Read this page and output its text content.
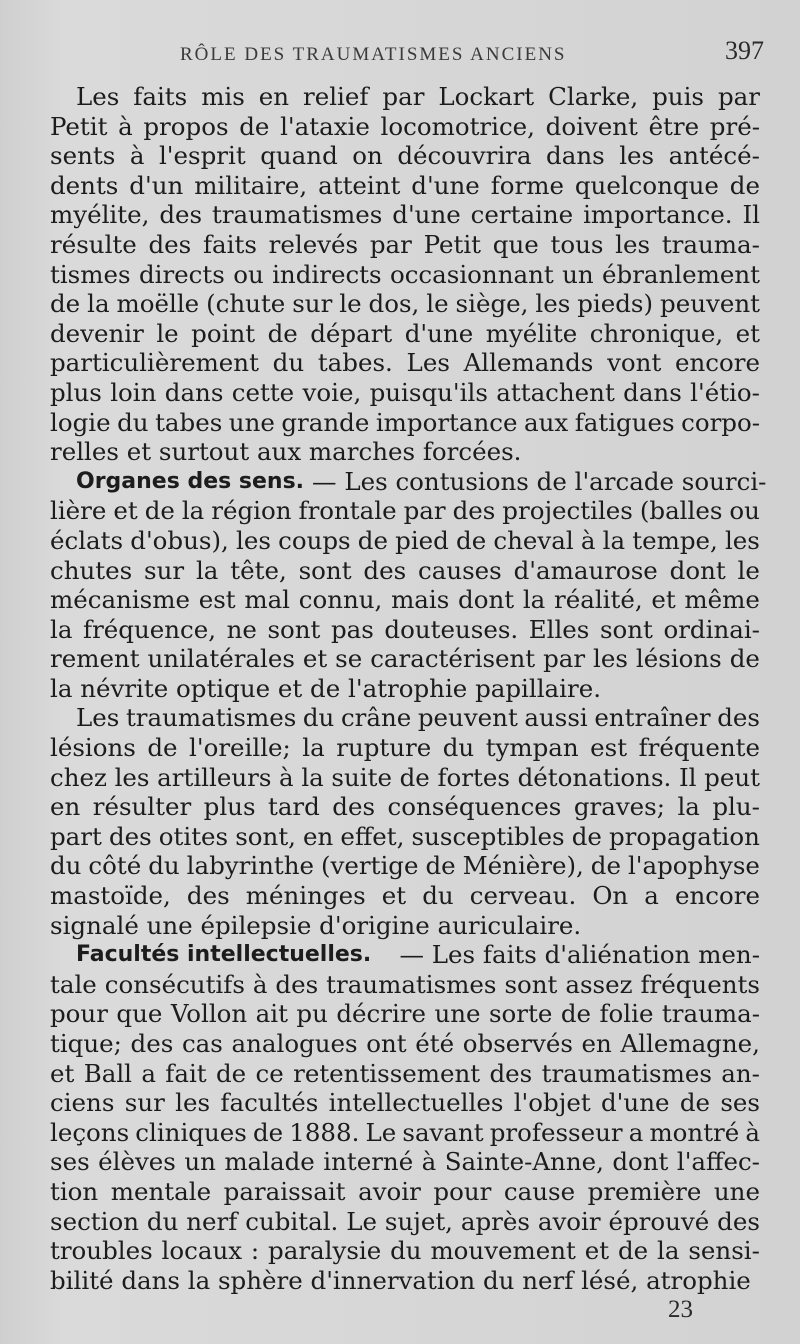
RÔLE DES TRAUMATISMES ANCIENS	397
Les faits mis en relief par Lockart Clarke, puis par
Petit à propos de l'ataxie locomotrice, doivent être pré-
sents à l'esprit quand on découvrira dans les antécé-
dents d'un militaire, atteint d'une forme quelconque de
myélite, des traumatismes d'une certaine importance. Il
résulte des faits relevés par Petit que tous les trauma-
tismes directs ou indirects occasionnant un ébranlement
de la moëlle (chute sur le dos, le siège, les pieds) peuvent
devenir le point de départ d'une myélite chronique, et
particulièrement du tabes. Les Allemands vont encore
plus loin dans cette voie, puisqu'ils attachent dans l'étio-
logie du tabes une grande importance aux fatigues corpo-
relles et surtout aux marches forcées.
Organes des sens. — Les contusions de l'arcade sourci-
lière et de la région frontale par des projectiles (balles ou
éclats d'obus), les coups de pied de cheval à la tempe, les
chutes sur la tête, sont des causes d'amaurose dont le
mécanisme est mal connu, mais dont la réalité, et même
la fréquence, ne sont pas douteuses. Elles sont ordinai-
rement unilatérales et se caractérisent par les lésions de
la névrite optique et de l'atrophie papillaire.
Les traumatismes du crâne peuvent aussi entraîner des
lésions de l'oreille; la rupture du tympan est fréquente
chez les artilleurs à la suite de fortes détonations. Il peut
en résulter plus tard des conséquences graves; la plu-
part des otites sont, en effet, susceptibles de propagation
du côté du labyrinthe (vertige de Ménière), de l'apophyse
mastoïde, des méninges et du cerveau. On a encore
signalé une épilepsie d'origine auriculaire.
Facultés intellectuelles. — Les faits d'aliénation men-
tale consécutifs à des traumatismes sont assez fréquents
pour que Vollon ait pu décrire une sorte de folie trauma-
tique; des cas analogues ont été observés en Allemagne,
et Ball a fait de ce retentissement des traumatismes an-
ciens sur les facultés intellectuelles l'objet d'une de ses
leçons cliniques de 1888. Le savant professeur a montré à
ses élèves un malade interné à Sainte-Anne, dont l'affec-
tion mentale paraissait avoir pour cause première une
section du nerf cubital. Le sujet, après avoir éprouvé des
troubles locaux : paralysie du mouvement et de la sensi-
bilité dans la sphère d'innervation du nerf lésé, atrophie
23
